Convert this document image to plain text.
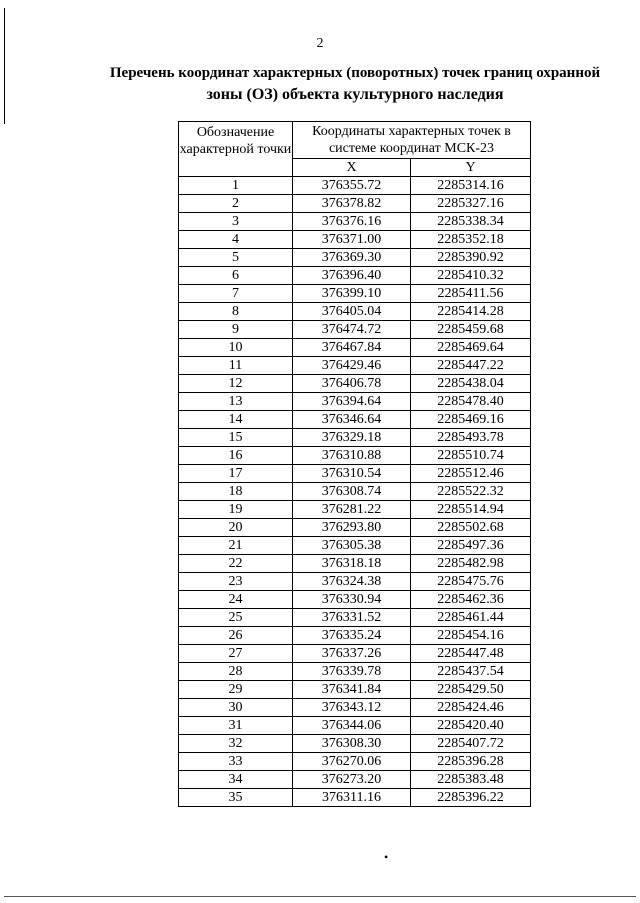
2
Перечень координат характерных (поворотных) точек границ охранной
зоны (ОЗ) объекта культурного наследия
Обозначение характерной точки	Координаты характерных точек в системе координат МСК-23	
	X	Y
1	376355.72	2285314.16
2	376378.82	2285327.16
3	376376.16	2285338.34
4	376371.00	2285352.18
5	376369.30	2285390.92
6	376396.40	2285410.32
7	376399.10	2285411.56
8	376405.04	2285414.28
9	376474.72	2285459.68
10	376467.84	2285469.64
11	376429.46	2285447.22
12	376406.78	2285438.04
13	376394.64	2285478.40
14	376346.64	2285469.16
15	376329.18	2285493.78
16	376310.88	2285510.74
17	376310.54	2285512.46
18	376308.74	2285522.32
19	376281.22	2285514.94
20	376293.80	2285502.68
21	376305.38	2285497.36
22	376318.18	2285482.98
23	376324.38	2285475.76
24	376330.94	2285462.36
25	376331.52	2285461.44
26	376335.24	2285454.16
27	376337.26	2285447.48
28	376339.78	2285437.54
29	376341.84	2285429.50
30	376343.12	2285424.46
31	376344.06	2285420.40
32	376308.30	2285407.72
33	376270.06	2285396.28
34	376273.20	2285383.48
35	376311.16	2285396.22
•
